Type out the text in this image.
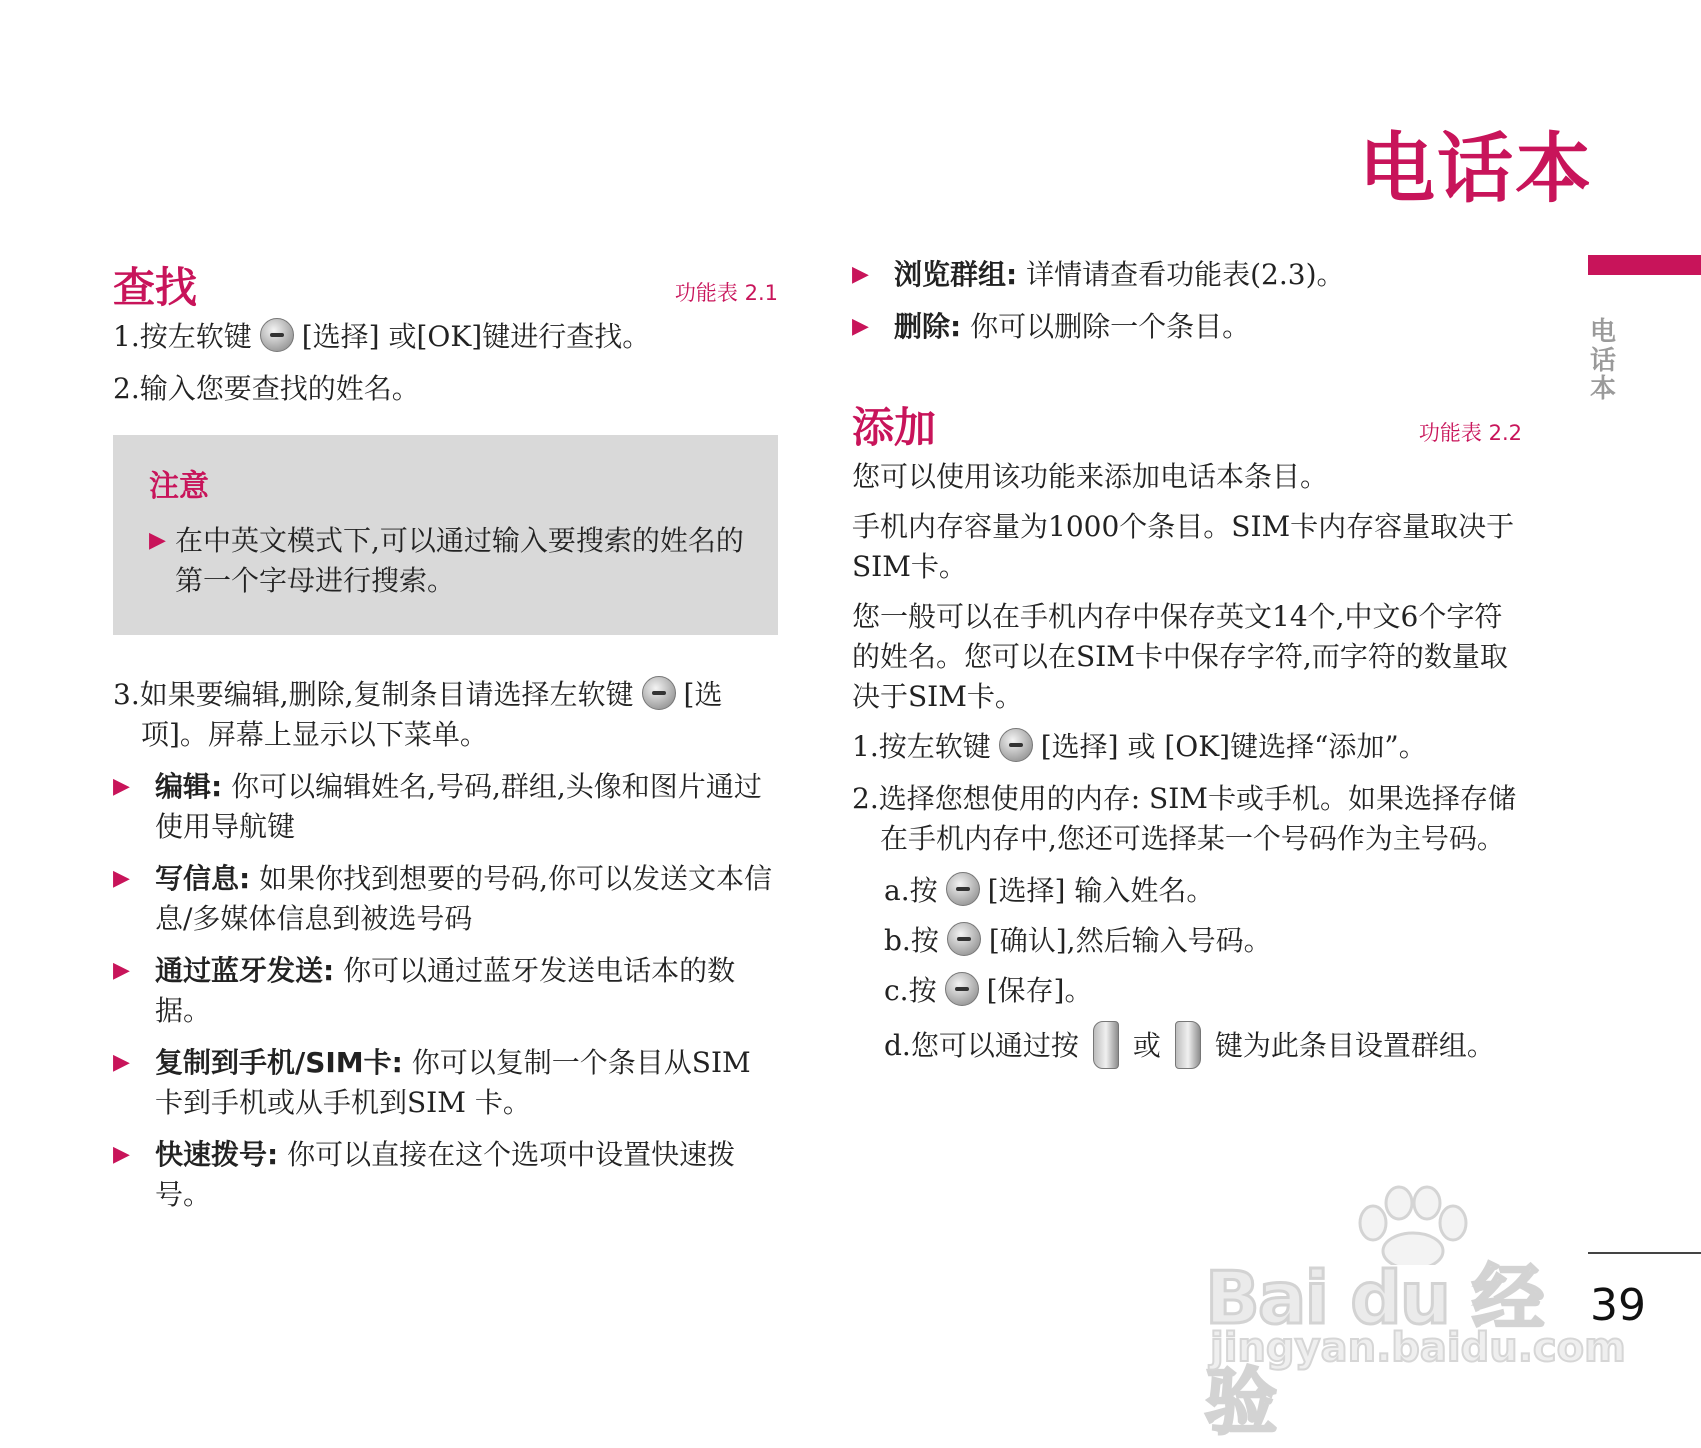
电话本
电话本
查找	功能表 2.1

1.按左软键 [选择] 或[OK]键进行查找。

2.输入您要查找的姓名。

注意
▶ 在中英文模式下,可以通过输入要搜索的姓名的第一个字母进行搜索。

3.如果要编辑,删除,复制条目请选择左软键 [选项]。屏幕上显示以下菜单。

▶ 编辑: 你可以编辑姓名,号码,群组,头像和图片通过使用导航键
▶ 写信息: 如果你找到想要的号码,你可以发送文本信息/多媒体信息到被选号码
▶ 通过蓝牙发送: 你可以通过蓝牙发送电话本的数据。
▶ 复制到手机/SIM卡: 你可以复制一个条目从SIM 卡到手机或从手机到SIM 卡。
▶ 快速拨号: 你可以直接在这个选项中设置快速拨号。
▶ 浏览群组: 详情请查看功能表(2.3)。
▶ 删除: 你可以删除一个条目。
添加	功能表 2.2

您可以使用该功能来添加电话本条目。

手机内存容量为1000个条目。SIM卡内存容量取决于SIM卡。

您一般可以在手机内存中保存英文14个,中文6个字符的姓名。您可以在SIM卡中保存字符,而字符的数量取决于SIM卡。

1.按左软键 [选择] 或 [OK]键选择“添加”。

2.选择您想使用的内存: SIM卡或手机。如果选择存储在手机内存中,您还可选择某一个号码作为主号码。

a.按 [选择] 输入姓名。

b.按 [确认],然后输入号码。

c.按 [保存]。

d.您可以通过按 或 键为此条目设置群组。

Bai du 经验
jingyan.baidu.com
39
